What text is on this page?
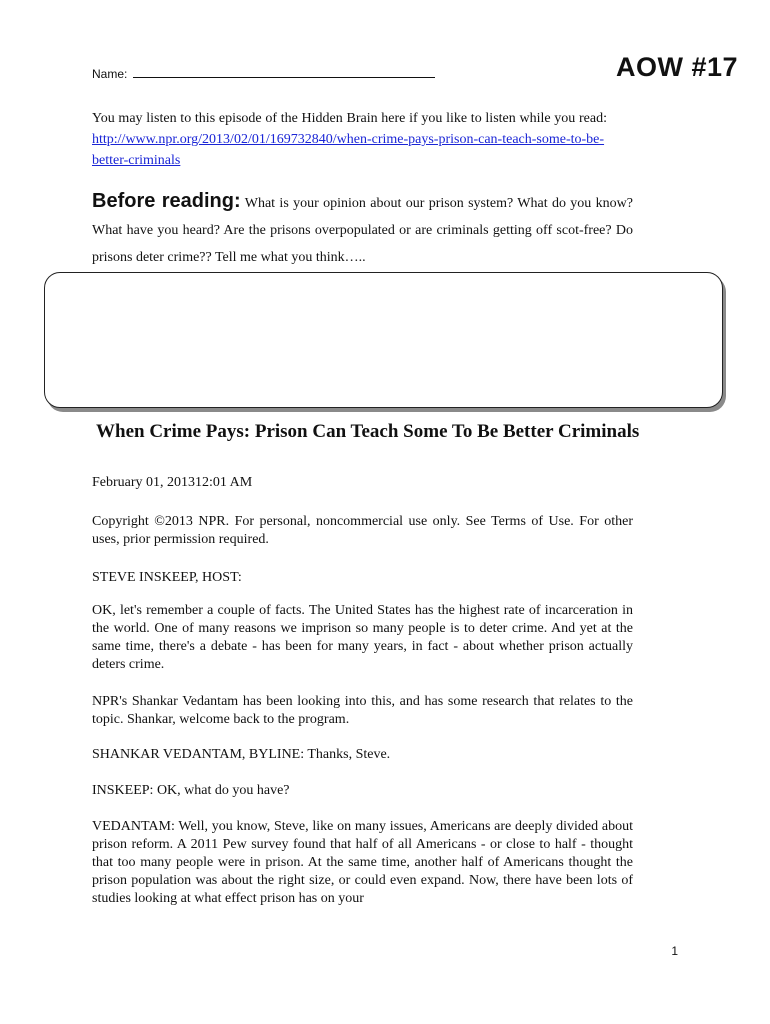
Name:	AOW #17
You may listen to this episode of the Hidden Brain here if you like to listen while you read:http://www.npr.org/2013/02/01/169732840/when-crime-pays-prison-can-teach-some-to-be-better-criminals
Before reading: What is your opinion about our prison system? What do you know? What have you heard? Are the prisons overpopulated or are criminals getting off scot-free? Do prisons deter crime?? Tell me what you think…..
When Crime Pays: Prison Can Teach Some To Be Better Criminals
February 01, 201312:01 AM
Copyright ©2013 NPR. For personal, noncommercial use only. See Terms of Use. For other uses, prior permission required.
STEVE INSKEEP, HOST:
OK, let's remember a couple of facts. The United States has the highest rate of incarceration in the world. One of many reasons we imprison so many people is to deter crime. And yet at the same time, there's a debate - has been for many years, in fact - about whether prison actually deters crime.
NPR's Shankar Vedantam has been looking into this, and has some research that relates to the topic. Shankar, welcome back to the program.
SHANKAR VEDANTAM, BYLINE: Thanks, Steve.
INSKEEP: OK, what do you have?
VEDANTAM: Well, you know, Steve, like on many issues, Americans are deeply divided about prison reform. A 2011 Pew survey found that half of all Americans - or close to half - thought that too many people were in prison. At the same time, another half of Americans thought the prison population was about the right size, or could even expand. Now, there have been lots of studies looking at what effect prison has on your
1
